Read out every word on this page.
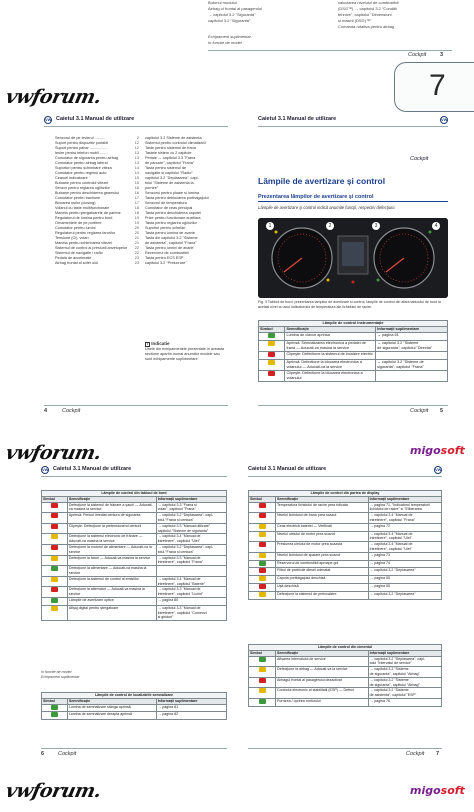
Butonul modulul

Airbag ul frontal al pasagerului

→ capitolul 3.2 "Siguranta"

capitolul 3.2 "Siguranta"

calcularea nivelului de combustibil

(DSG™) → capitolul 3.2 "Conditii

tehnice", capitolul "Dimensiuni

si masini (DSG)™"

Comanda rotativa pentru airbag

Echipament suplimentar

In functie de model

Cockpit 3
7
vwforum.
VW Caietul 3.1 Manual de utilizare	Caietul 3.1 Manual de utilizare	VW
Cockpit
Senzorul de pe levierul ..........	2
Suport pentru dispozitiv portabil	12
Suport pentru pahar ................	12
Iesire pentru telefon mobil ........	13
Comutator de siguranta pentru airbag	13
Comutator pentru airbag lateral	13
Suporturi pentru schimbare viteza	14
Comutator pentru regimul auto	14
Ceasuri indicatoare	15
Butoane pentru controlul vitezei	15
Senzor pentru reglarea oglinzilor	16
Butoane pentru deschiderea geamului	16
Comutator pentru tractiune	17
Blocarea usilor (closing)	17
Volanul cu taste multifunctionale	18
Maneta pentru ştergatoarele de parbriz	18
Regulatorul de lumina pentru bord	19
Ornamentele de pe portiere	19
Comutator pentru lumini	20
Regulatorul pentru reglarea farurilor	20
Tensiune (Cl), volan	21
Maneta pentru schimbarea vitezei	21
Sistemul de control al presiunii anvelopelor	22
Sistemul de navigatie / radio	22
Pedala de acceleratie	23
Airbag frontal al sofer ului	23
capitolul 3.2 Sisteme de asistenta
Sistemul pentru controlul climatizarii
Taste pentru sistemul de frana
Tastele sistem cu 2 capitole
Pedale → capitolul 3.3 "Frana
de parcare", capitolul "Frana"
Tasta pentru sistemul de
navigatie si capitolul "Radio"
capitolul 3.2 "Deplasarea", capi-
tolul "Sisteme de asistenta la
pornire"
Senzorul pentru ploaie si lumina
Tasta pentru deblocarea portbagajului
Senzorul de temperatura
Comutator de ceas principal
Tasta pentru deschiderea capotei
Prize pentru functionare auxiliara
Tasta pentru reglarea oglinzilor
Suportul pentru ochelari
Tasta pentru lumina de avarie
Tasta din capitolul 3.2 "Sisteme
de asistenta", capitolul "Frana"
Tasta pentru lumini de avarie
Rezervorul de combustibil
Tasta pentru ECS ESP
capitolul 3.2 "Prelucrare"
i Indicatie
Unele din echipamentele prezentate in aceasta sectiune apartin numai anumitor modele sau sunt echipamente suplimentare
Lămpile de avertizare și control
Prezentarea lămpilor de avertizare și control
Lămpile de avertizare şi control indică anumite funcţii, respectiv defecţiuni.
1	2	3	4
Fig. 3 Tabloul de bord: prezentarea lampilor de avertizare si control, lampile de control din afara tabloului de bord la acelasi nivel cu acul indicatorului de temperatura ale lichidului de racire.
Lămpile de control instrumentaţie		
Simbol	Semnificaţie	Informaţii suplimentare
	Lumina de claxon aprinsa	→ pagina 61

	Aprinsă: Semnalizarea electronica a pedalei de frana — Aducati-va masina la service	→ capitolul 3.2 "Sisteme
de siguranta", capitolul "Directia"

	Clipeşte: Defectiune la sistemul de incalzire electric	
	Aprinsă: Defectiune la blocarea electronica a volanului — Aducati-va la service	→ capitolul 3.2 "Sisteme de
siguranta", capitolul "Frana"

	Clipeşte: Defectiune la blocarea electronica a volanului	
4	Cockpit	Cockpit 5
vwforum.	migosoft
VW Caietul 3.1 Manual de utilizare	Caietul 3.1 Manual de utilizare	VW
Lămpile de control din tabloul de bord		
Simbol	Semnificaţie	Informaţii suplimentare
	Defecţiune la sistemul de frânare a şaurii — Aducati-va masina la service	→ capitolul 3.3 "Frana si
volan", capitolul "Frana"

	Aprinsă: Pericol imediat centura de siguranta	→ capitolul 3.2 "Deplasarea", capi-
tolul "Frana si centura"

	Clipeşte: Defecţiune la pretensionerul centurii	→ capitolul 3.3 "Manual utilizare"
capitolul "Sisteme de siguranta"

	Defecţiune la sistemul electronic de frânare — Aducati-va masina la service	→ capitolul 3.4 "Manual de
intretinere", capitolul "Ulei"

	Defecţiune la motorul de alimentare — Aducati-va la service	→ capitolul 3.2 "Deplasarea", capi-
tolul "Frana si centura"

	Defecţiune la faruri — Aducati-va masina la service	→ capitolul 3.3 "Manual de
intretinere", capitolul "Frana"

	Defecţiune la alimentare — Aducati-va masina la service	
	Defecţiune la sistemul de control al emisiilor	→ capitolul 3.4 "Manual de
intretinere", capitolul "Baterie"

	Defecţiune la alternator — Aducati-va masina la service	→ capitolul 3.3 "Manual de
intretinere", capitolul "Lichid"

	Lămpile de avertizare optice	→ pagina 80

	Afişaj digital pentru ştergatoare	→ capitolul 3.3 "Manual de
intretinere", capitolul "Comenzi
si ghiduri"
In functie de model
Echipament suplimentar
Lămpile de control de localizările semnalizare		
Simbol	Semnificaţie	Informaţii suplimentare
	Lumina de semnalizare stânga aprinsă	→ pagina 81

	Lumina de semnalizare dreapta aprinsă	→ pagina 82
Lămpile de control din partea de display		
Simbol	Semnificaţie	Informaţii suplimentare
	Temperatura lichidului de racire prea ridicata	→ pagina 71, "Indicatorul temperaturii
lichidului de racire" si "Eliberarea

	Nivelul lichidului de frana prea scazut	→ capitolul 3.4 "Manual de
intretinere", capitolul "Frana"

	Ceas electrică bateriei — Verificati	→ pagina 72

	Nivelul uleiului de motor prea scazut	→ capitolul 3.4 "Manual de
intretinere", capitolul "Ulei"

	Presiunea uleiului de motor prea scazuta	→ capitolul 3.4 "Manual de
intretinere", capitolul "Ulei"

	Nivelul lichidului de spalare prea scazut	→ pagina 73

	Rezervorul de combustibil aproape gol	→ pagina 74

	Filtrul de particule diesel colmatat	→ capitolul 3.2 "Deplasarea"

	Capota portbagajului deschisă	→ pagina 55

	Uşă deschisă	→ pagina 55

	Defecţiune la sistemul de preincalzire	→ capitolul 3.2 "Deplasarea"
Lămpile de control din cimentul		
Simbol	Semnificaţie	Informaţii suplimentare
	Afisarea intervalului de service	→ capitolul 3.2 "Deplasarea", capi-
tolul "Intervalul de service"

	Defecţiune la airbag — Aducati-va la service	→ capitolul 3.2 "Sisteme
de siguranta", capitolul "Airbag"

	Airbagul frontal al pasagerului dezactivat	→ capitolul 3.2 "Sisteme
de siguranta", capitolul "Airbag"

	Controlul electronic al stabilitatii (ESP) — Defect	→ capitolul 3.2 "Sisteme
de asistenta", capitolul "ESP"

	Pornirea / oprirea motorului	→ pagina 76
6	Cockpit	Cockpit 7
vwforum.	migosoft
